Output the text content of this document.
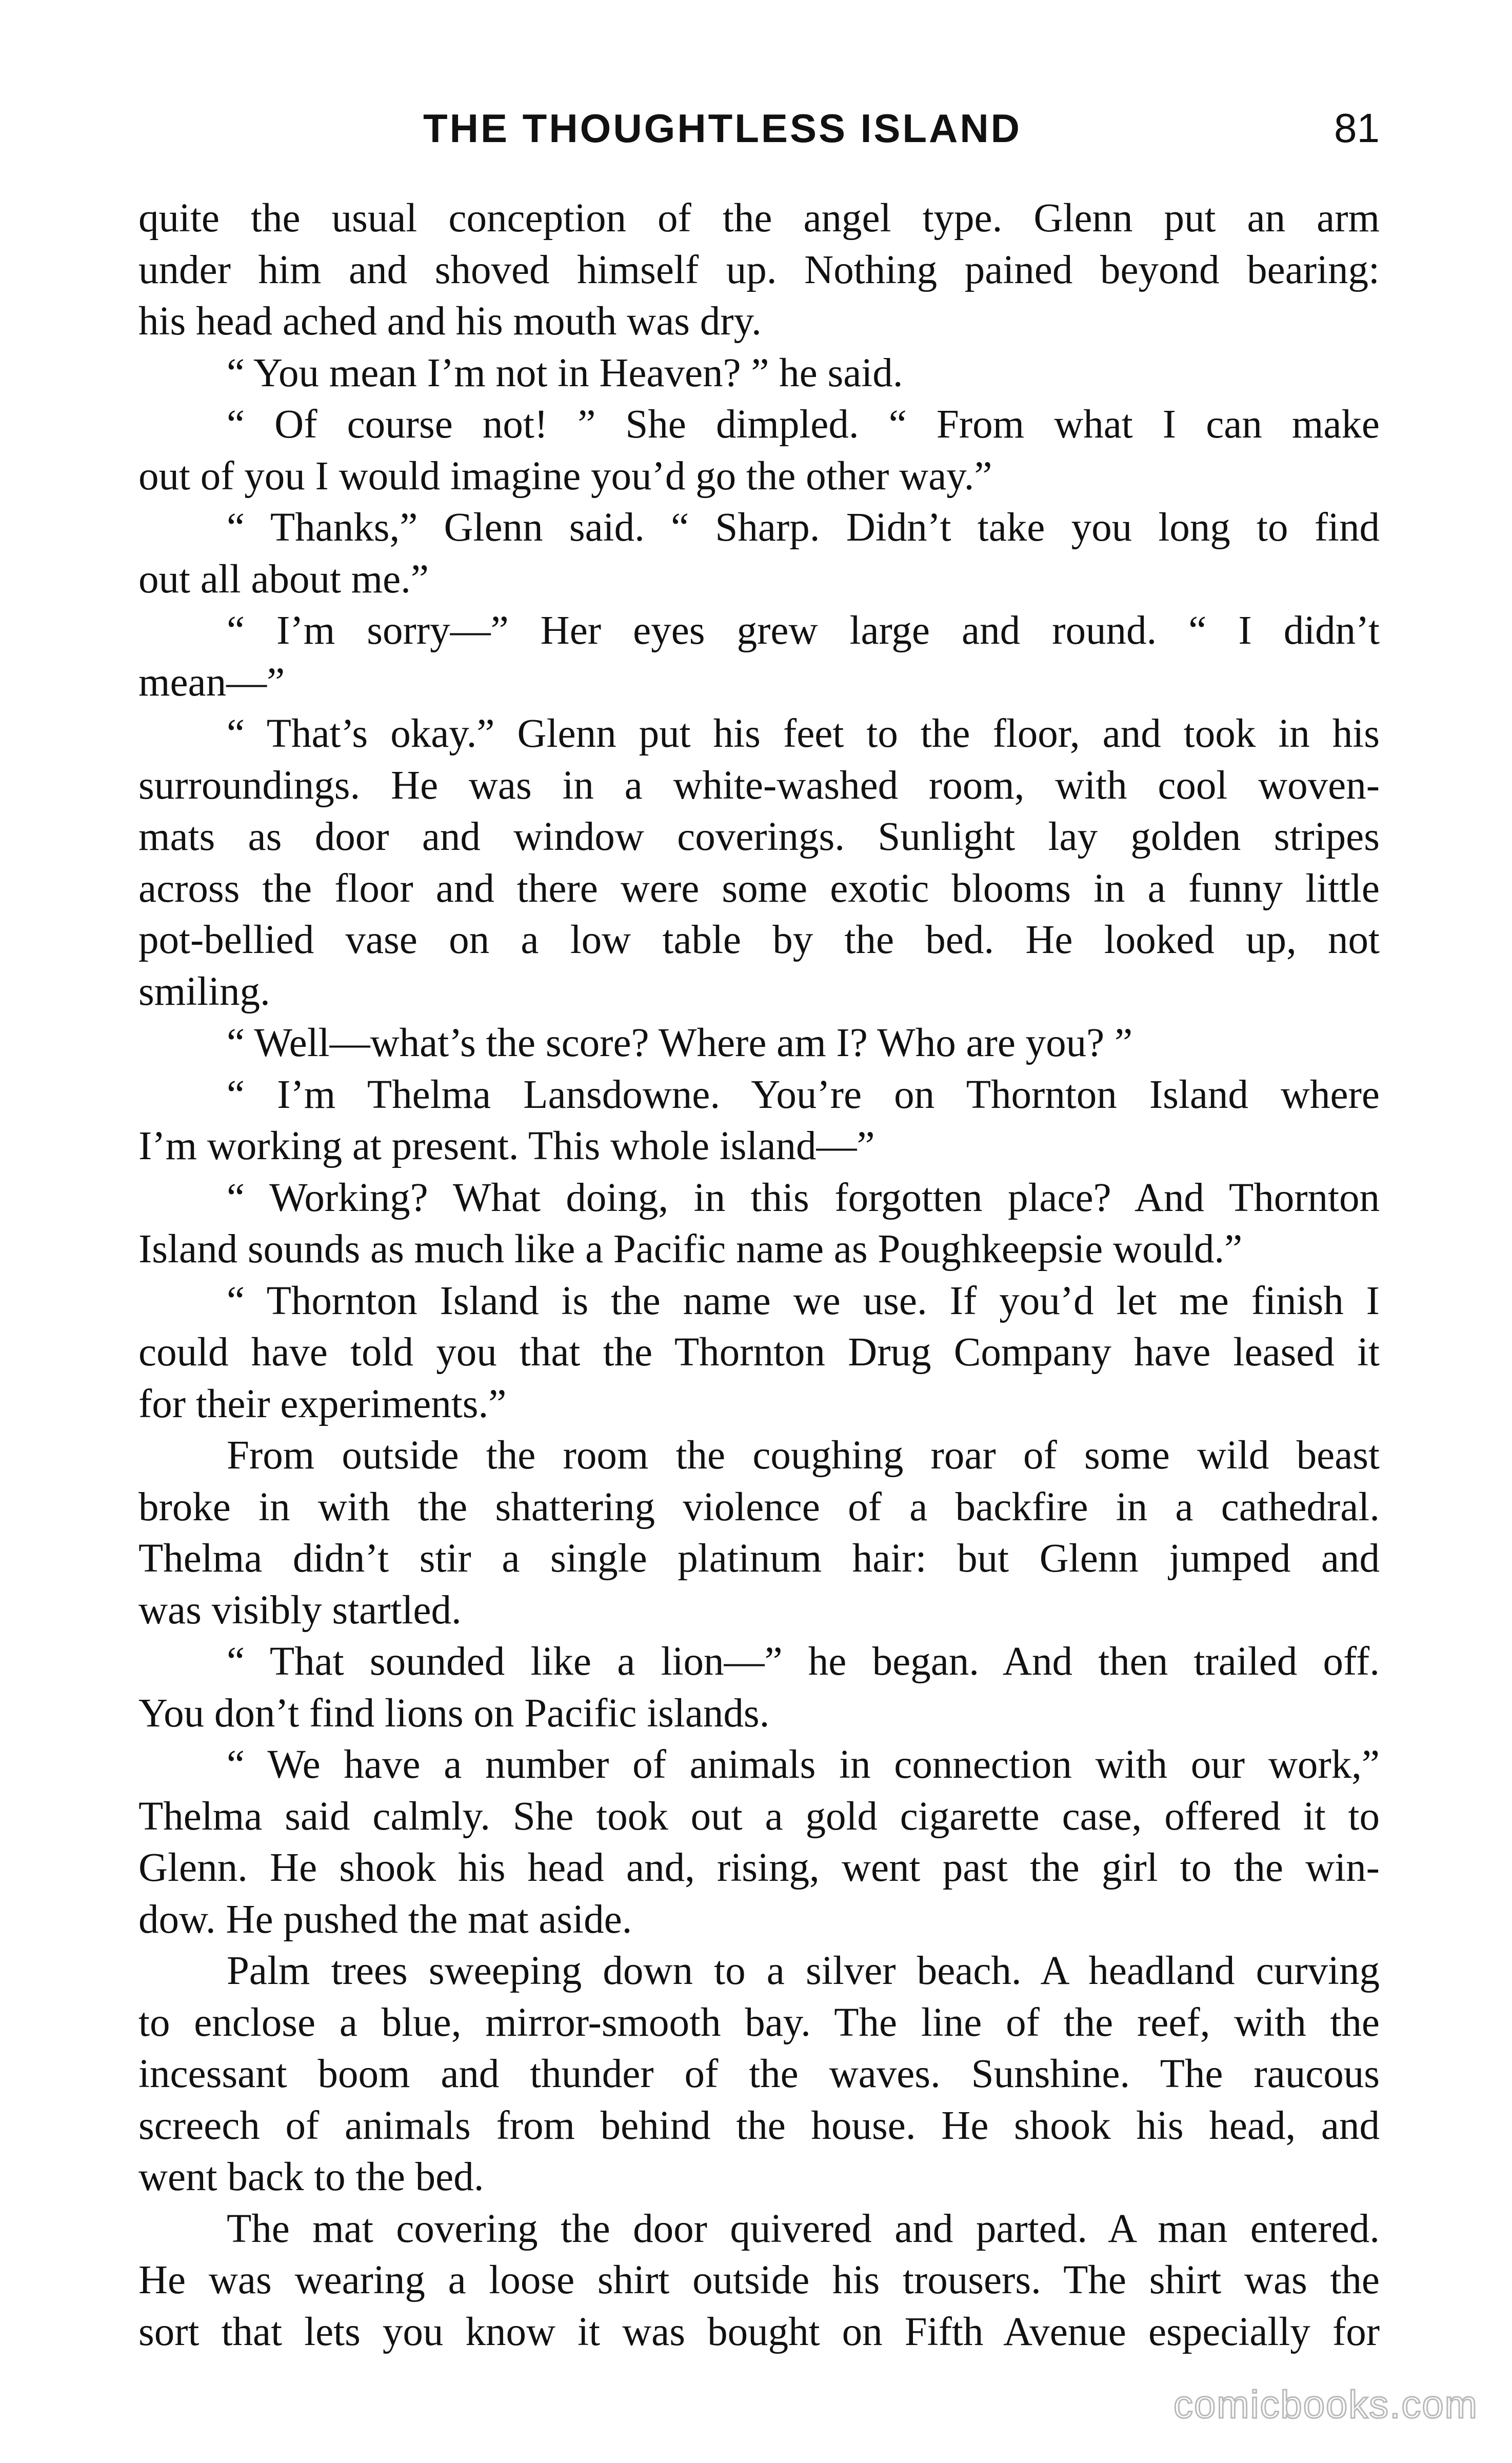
THE THOUGHTLESS ISLAND	81
quite the usual conception of the angel type. Glenn put an arm
under him and shoved himself up. Nothing pained beyond bearing:
his head ached and his mouth was dry.
“ You mean I’m not in Heaven? ” he said.
“ Of course not! ” She dimpled. “ From what I can make
out of you I would imagine you’d go the other way.”
“ Thanks,” Glenn said. “ Sharp. Didn’t take you long to find
out all about me.”
“ I’m sorry—” Her eyes grew large and round. “ I didn’t
mean—”
“ That’s okay.” Glenn put his feet to the floor, and took in his
surroundings. He was in a white-washed room, with cool woven-
mats as door and window coverings. Sunlight lay golden stripes
across the floor and there were some exotic blooms in a funny little
pot-bellied vase on a low table by the bed. He looked up, not
smiling.
“ Well—what’s the score? Where am I? Who are you? ”
“ I’m Thelma Lansdowne. You’re on Thornton Island where
I’m working at present. This whole island—”
“ Working? What doing, in this forgotten place? And Thornton
Island sounds as much like a Pacific name as Poughkeepsie would.”
“ Thornton Island is the name we use. If you’d let me finish I
could have told you that the Thornton Drug Company have leased it
for their experiments.”
From outside the room the coughing roar of some wild beast
broke in with the shattering violence of a backfire in a cathedral.
Thelma didn’t stir a single platinum hair: but Glenn jumped and
was visibly startled.
“ That sounded like a lion—” he began. And then trailed off.
You don’t find lions on Pacific islands.
“ We have a number of animals in connection with our work,”
Thelma said calmly. She took out a gold cigarette case, offered it to
Glenn. He shook his head and, rising, went past the girl to the win-
dow. He pushed the mat aside.
Palm trees sweeping down to a silver beach. A headland curving
to enclose a blue, mirror-smooth bay. The line of the reef, with the
incessant boom and thunder of the waves. Sunshine. The raucous
screech of animals from behind the house. He shook his head, and
went back to the bed.
The mat covering the door quivered and parted. A man entered.
He was wearing a loose shirt outside his trousers. The shirt was the
sort that lets you know it was bought on Fifth Avenue especially for
comicbooks.com
